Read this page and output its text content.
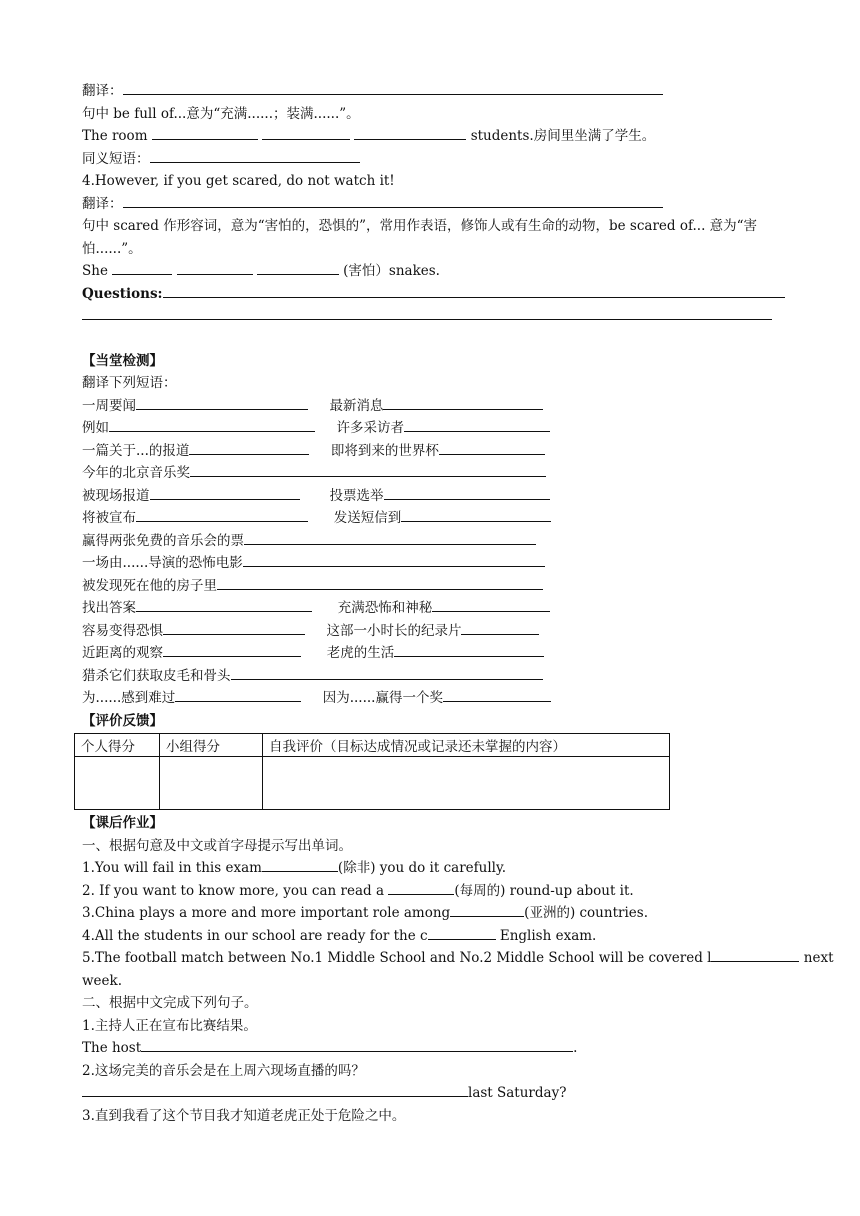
翻译：
句中 be full of...意为“充满......；装满......”。
The room	students.房间里坐满了学生。
同义短语：
4.However, if you get scared, do not watch it!
翻译：
句中 scared 作形容词，意为“害怕的，恐惧的”，常用作表语，修饰人或有生命的动物，be scared of... 意为“害怕......”。
She	(害怕）snakes.
Questions:
【当堂检测】
翻译下列短语：
一周要闻	最新消息
例如	许多采访者
一篇关于...的报道	即将到来的世界杯
今年的北京音乐奖
被现场报道	投票选举
将被宣布	发送短信到
赢得两张免费的音乐会的票
一场由......导演的恐怖电影
被发现死在他的房子里
找出答案	充满恐怖和神秘
容易变得恐惧	这部一小时长的纪录片
近距离的观察	老虎的生活
猎杀它们获取皮毛和骨头
为......感到难过	因为......赢得一个奖
【评价反馈】
个人得分	小组得分	自我评价（目标达成情况或记录还未掌握的内容）

【课后作业】
一、根据句意及中文或首字母提示写出单词。
1.You will fail in this exam	(除非) you do it carefully.
2. If you want to know more, you can read a	(每周的) round-up about it.
3.China plays a more and more important role among	(亚洲的) countries.
4.All the students in our school are ready for the c	English exam.
5.The football match between No.1 Middle School and No.2 Middle School will be covered l	next
week.
二、根据中文完成下列句子。
1.主持人正在宣布比赛结果。
The host	.
2.这场完美的音乐会是在上周六现场直播的吗？
last Saturday?
3.直到我看了这个节目我才知道老虎正处于危险之中。
